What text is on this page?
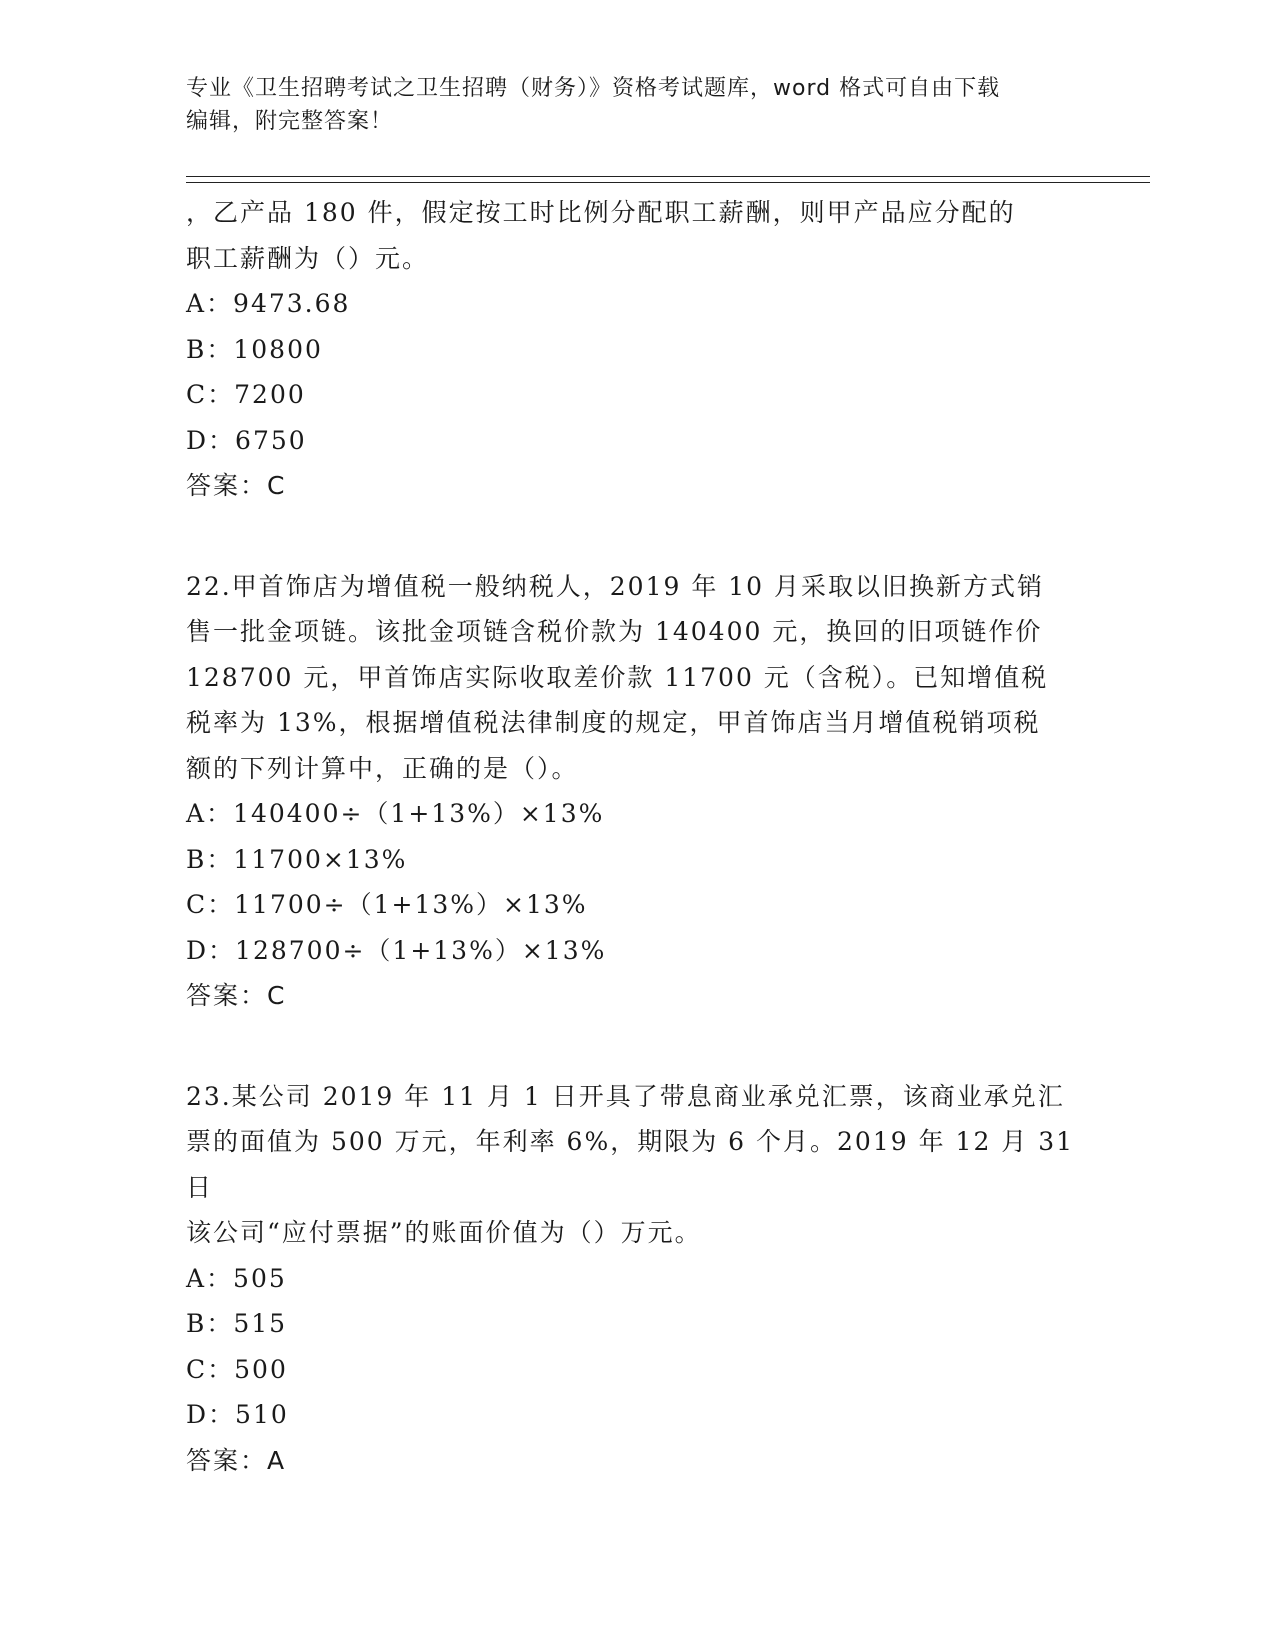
专业《卫生招聘考试之卫生招聘（财务）》资格考试题库，word 格式可自由下载
编辑，附完整答案！

，乙产品 180 件，假定按工时比例分配职工薪酬，则甲产品应分配的

职工薪酬为（）元。

A：9473.68

B：10800

C：7200

D：6750

答案：C

22.甲首饰店为增值税一般纳税人，2019 年 10 月采取以旧换新方式销

售一批金项链。该批金项链含税价款为 140400 元，换回的旧项链作价

128700 元，甲首饰店实际收取差价款 11700 元（含税）。已知增值税

税率为 13%，根据增值税法律制度的规定，甲首饰店当月增值税销项税

额的下列计算中，正确的是（）。

A：140400÷（1+13%）×13%

B：11700×13%

C：11700÷（1+13%）×13%

D：128700÷（1+13%）×13%

答案：C

23.某公司 2019 年 11 月 1 日开具了带息商业承兑汇票，该商业承兑汇

票的面值为 500 万元，年利率 6%，期限为 6 个月。2019 年 12 月 31 日

该公司“应付票据”的账面价值为（）万元。

A：505

B：515

C：500

D：510

答案：A
